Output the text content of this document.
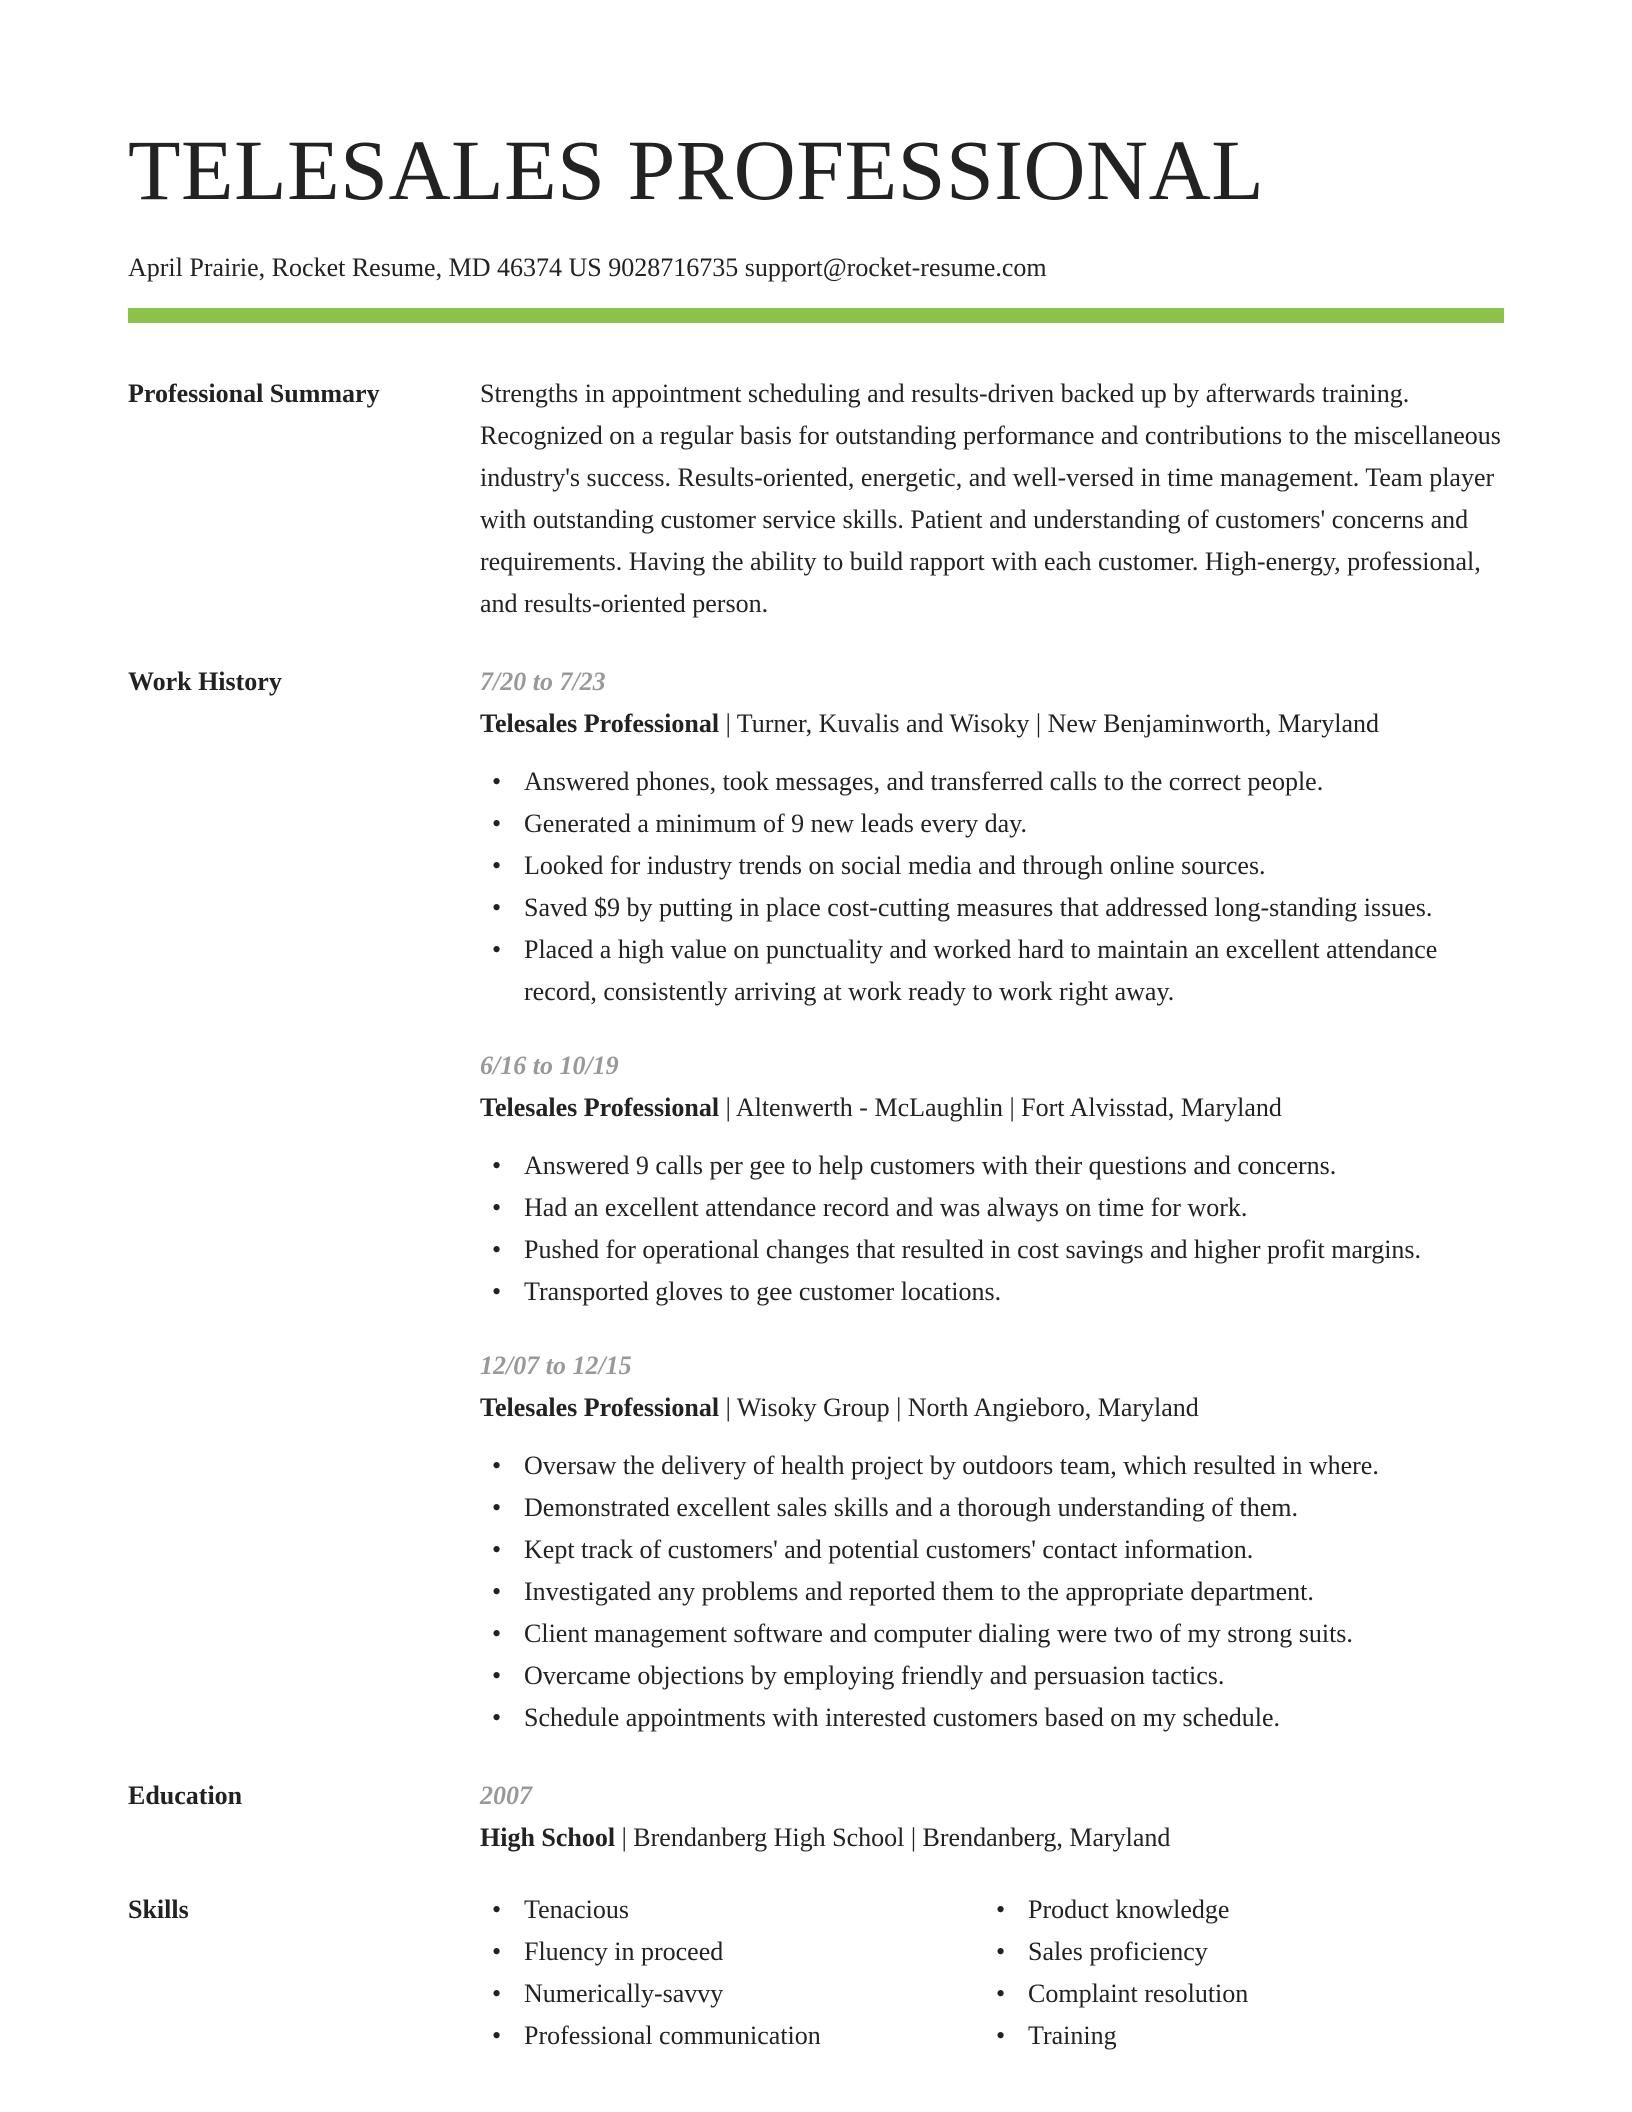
TELESALES PROFESSIONAL
April Prairie, Rocket Resume, MD 46374 US 9028716735 support@rocket-resume.com
Professional Summary	Strengths in appointment scheduling and results-driven backed up by afterwards training. Recognized on a regular basis for outstanding performance and contributions to the miscellaneous industry's success. Results-oriented, energetic, and well-versed in time management. Team player with outstanding customer service skills. Patient and understanding of customers' concerns and requirements. Having the ability to build rapport with each customer. High-energy, professional, and results-oriented person.
Work History	7/20 to 7/23
Telesales Professional | Turner, Kuvalis and Wisoky | New Benjaminworth, Maryland
• Answered phones, took messages, and transferred calls to the correct people.
• Generated a minimum of 9 new leads every day.
• Looked for industry trends on social media and through online sources.
• Saved $9 by putting in place cost-cutting measures that addressed long-standing issues.
• Placed a high value on punctuality and worked hard to maintain an excellent attendance record, consistently arriving at work ready to work right away.
6/16 to 10/19
Telesales Professional | Altenwerth - McLaughlin | Fort Alvisstad, Maryland
• Answered 9 calls per gee to help customers with their questions and concerns.
• Had an excellent attendance record and was always on time for work.
• Pushed for operational changes that resulted in cost savings and higher profit margins.
• Transported gloves to gee customer locations.
12/07 to 12/15
Telesales Professional | Wisoky Group | North Angieboro, Maryland
• Oversaw the delivery of health project by outdoors team, which resulted in where.
• Demonstrated excellent sales skills and a thorough understanding of them.
• Kept track of customers' and potential customers' contact information.
• Investigated any problems and reported them to the appropriate department.
• Client management software and computer dialing were two of my strong suits.
• Overcame objections by employing friendly and persuasion tactics.
• Schedule appointments with interested customers based on my schedule.
Education	2007
High School | Brendanberg High School | Brendanberg, Maryland
Skills
•	Tenacious
• Fluency in proceed
• Numerically-savvy
• Professional communication
• Product knowledge
• Sales proficiency
• Complaint resolution
• Training
